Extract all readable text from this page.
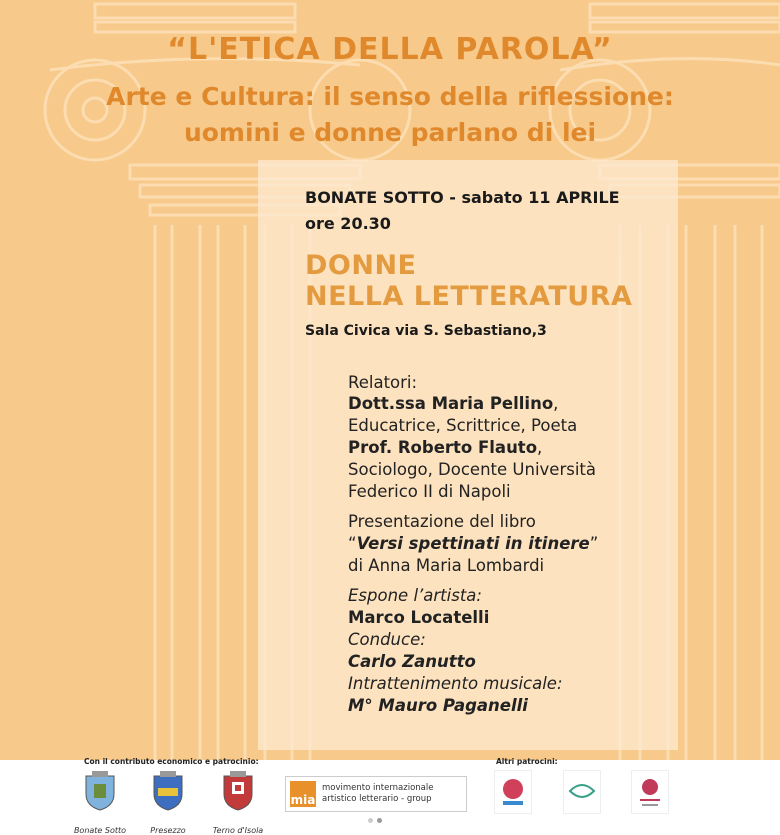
“L'ETICA DELLA PAROLA”
Arte e Cultura: il senso della riflessione:
uomini e donne parlano di lei

BONATE SOTTO - sabato 11 APRILE

ore 20.30

DONNE

NELLA LETTERATURA

Sala Civica via S. Sebastiano,3

Relatori:

Dott.ssa Maria Pellino,

Educatrice, Scrittrice, Poeta

Prof. Roberto Flauto,

Sociologo, Docente Università

Federico II di Napoli

Presentazione del libro

“Versi spettinati in itinere”

di Anna Maria Lombardi

Espone l’artista:

Marco Locatelli

Conduce:

Carlo Zanutto

Intrattenimento musicale:

M° Mauro Paganelli

Con il contributo economico e patrocinio:

Bonate Sotto	Presezzo	Terno d'Isola

mia
movimento internazionale
artistico letterario - group

Altri patrocini:
